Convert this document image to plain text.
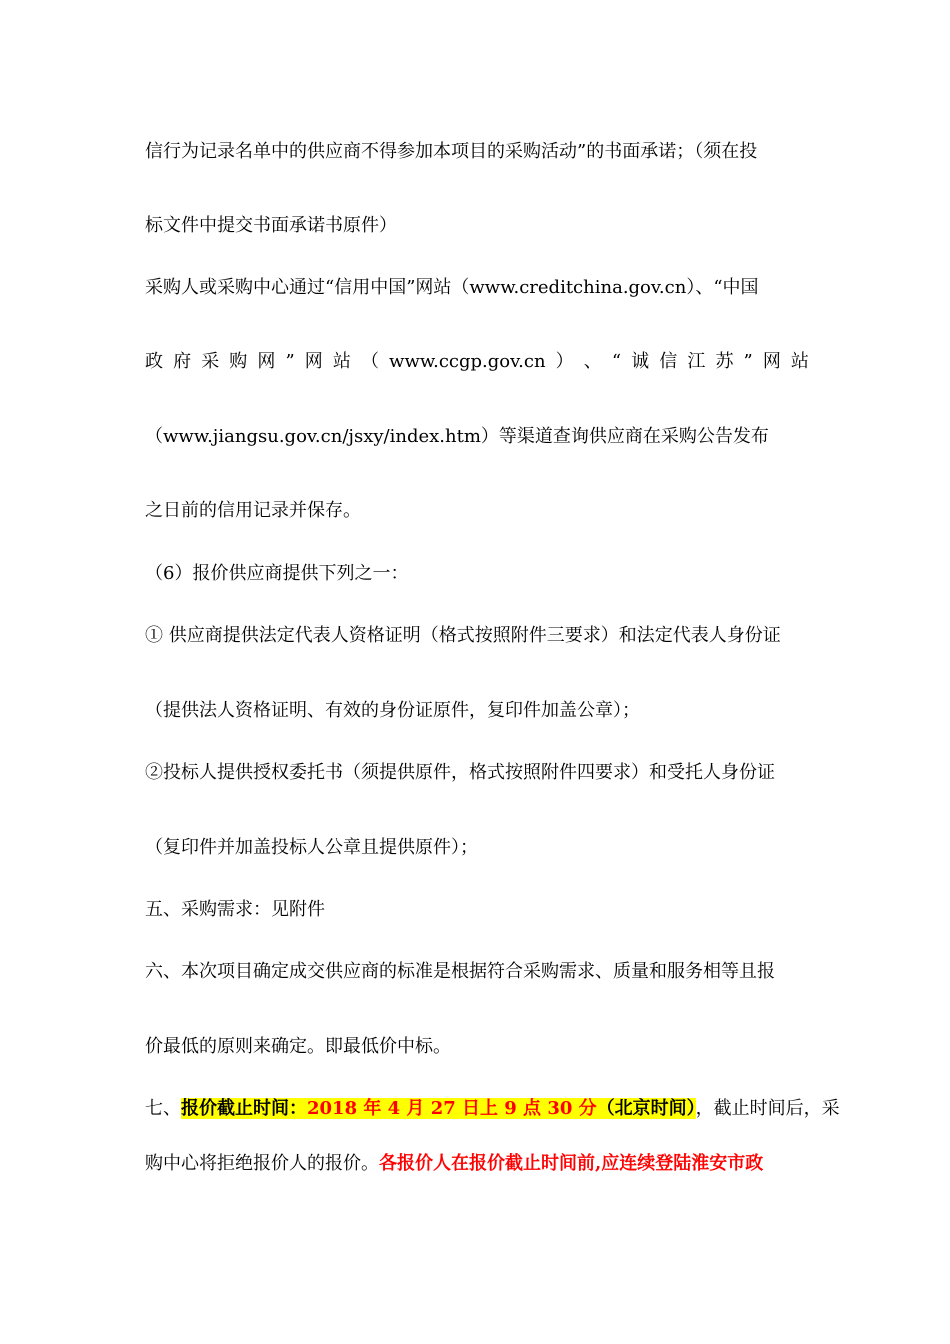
信行为记录名单中的供应商不得参加本项目的采购活动”的书面承诺；（须在投
标文件中提交书面承诺书原件）
采购人或采购中心通过“信用中国”网站（www.creditchina.gov.cn）、“中国
政 府 采 购 网 ” 网 站 （ www.ccgp.gov.cn ） 、 “ 诚 信 江 苏 ” 网 站
（www.jiangsu.gov.cn/jsxy/index.htm）等渠道查询供应商在采购公告发布
之日前的信用记录并保存。
（6）报价供应商提供下列之一：
① 供应商提供法定代表人资格证明（格式按照附件三要求）和法定代表人身份证
（提供法人资格证明、有效的身份证原件，复印件加盖公章）；
②投标人提供授权委托书（须提供原件，格式按照附件四要求）和受托人身份证
（复印件并加盖投标人公章且提供原件）；
五、采购需求：见附件
六、本次项目确定成交供应商的标准是根据符合采购需求、质量和服务相等且报
价最低的原则来确定。即最低价中标。
七、报价截止时间：2018 年 4 月 27 日上 9 点 30 分（北京时间），截止时间后，采
购中心将拒绝报价人的报价。各报价人在报价截止时间前,应连续登陆淮安市政
